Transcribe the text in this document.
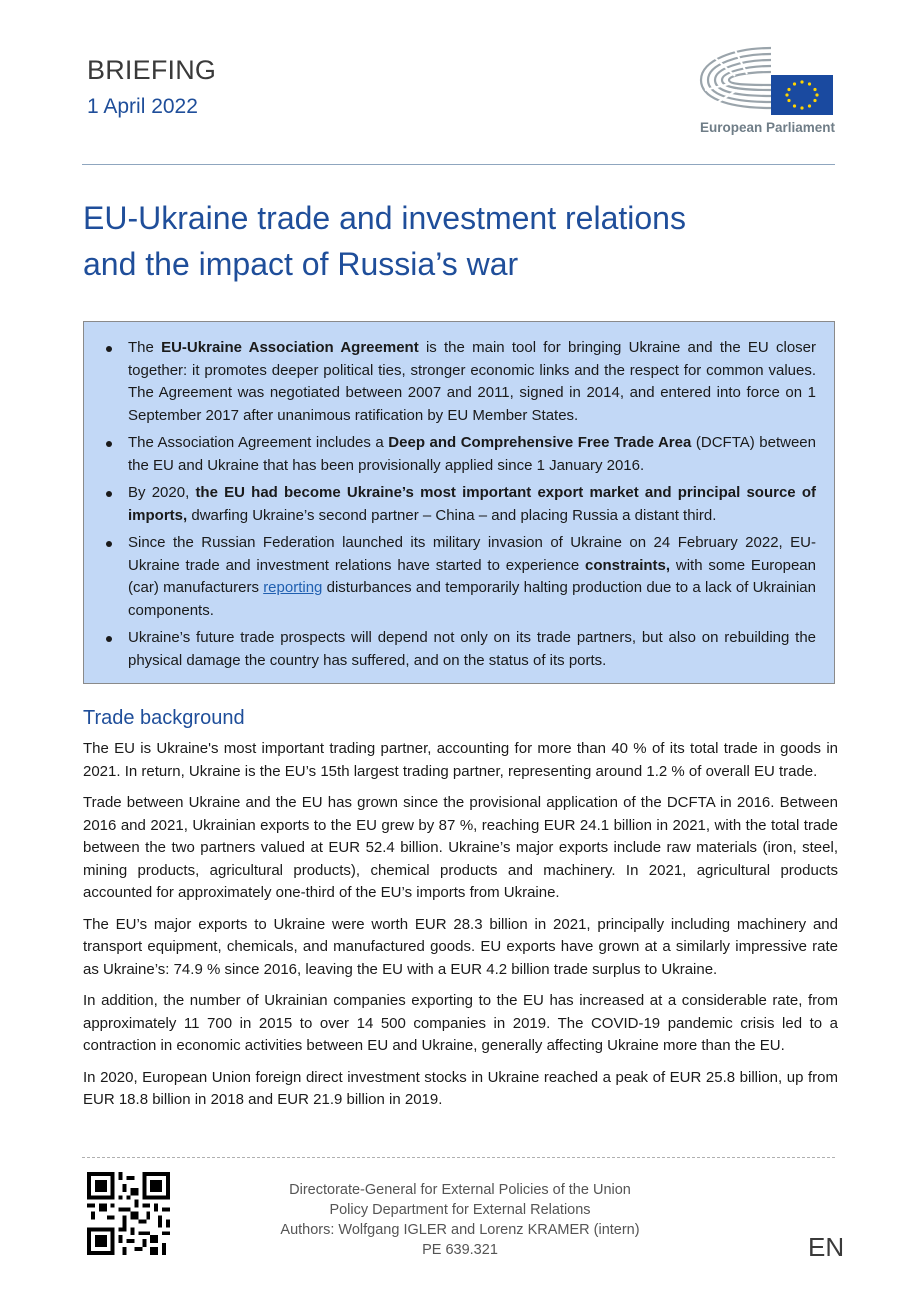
BRIEFING
1 April 2022
European Parliament
EU-Ukraine trade and investment relations
and the impact of Russia’s war
The EU-Ukraine Association Agreement is the main tool for bringing Ukraine and the EU closer together: it promotes deeper political ties, stronger economic links and the respect for common values. The Agreement was negotiated between 2007 and 2011, signed in 2014, and entered into force on 1 September 2017 after unanimous ratification by EU Member States.
The Association Agreement includes a Deep and Comprehensive Free Trade Area (DCFTA) between the EU and Ukraine that has been provisionally applied since 1 January 2016.
By 2020, the EU had become Ukraine’s most important export market and principal source of imports, dwarfing Ukraine’s second partner – China – and placing Russia a distant third.
Since the Russian Federation launched its military invasion of Ukraine on 24 February 2022, EU-Ukraine trade and investment relations have started to experience constraints, with some European (car) manufacturers reporting disturbances and temporarily halting production due to a lack of Ukrainian components.
Ukraine’s future trade prospects will depend not only on its trade partners, but also on rebuilding the physical damage the country has suffered, and on the status of its ports.
Trade background

The EU is Ukraine's most important trading partner, accounting for more than 40 % of its total trade in goods in 2021. In return, Ukraine is the EU’s 15th largest trading partner, representing around 1.2 % of overall EU trade.

Trade between Ukraine and the EU has grown since the provisional application of the DCFTA in 2016. Between 2016 and 2021, Ukrainian exports to the EU grew by 87 %, reaching EUR 24.1 billion in 2021, with the total trade between the two partners valued at EUR 52.4 billion. Ukraine’s major exports include raw materials (iron, steel, mining products, agricultural products), chemical products and machinery. In 2021, agricultural products accounted for approximately one-third of the EU’s imports from Ukraine.

The EU’s major exports to Ukraine were worth EUR 28.3 billion in 2021, principally including machinery and transport equipment, chemicals, and manufactured goods. EU exports have grown at a similarly impressive rate as Ukraine’s: 74.9 % since 2016, leaving the EU with a EUR 4.2 billion trade surplus to Ukraine.

In addition, the number of Ukrainian companies exporting to the EU has increased at a considerable rate, from approximately 11 700 in 2015 to over 14 500 companies in 2019. The COVID-19 pandemic crisis led to a contraction in economic activities between EU and Ukraine, generally affecting Ukraine more than the EU.

In 2020, European Union foreign direct investment stocks in Ukraine reached a peak of EUR 25.8 billion, up from EUR 18.8 billion in 2018 and EUR 21.9 billion in 2019.

Directorate-General for External Policies of the Union
Policy Department for External Relations
Authors: Wolfgang IGLER and Lorenz KRAMER (intern)
PE 639.321	EN
